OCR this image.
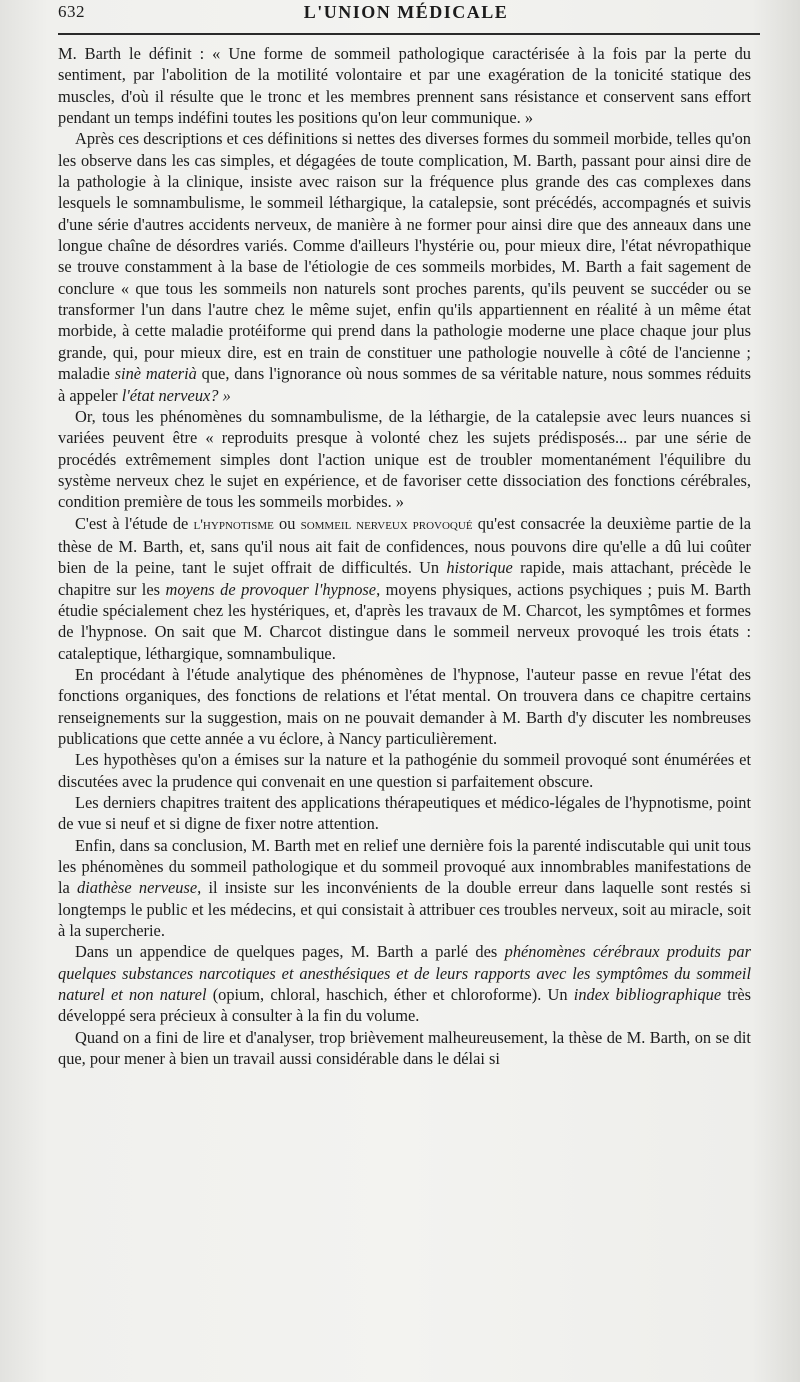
632	L'UNION MÉDICALE

M. Barth le définit : « Une forme de sommeil pathologique caractérisée à la fois par la perte du sentiment, par l'abolition de la motilité volontaire et par une exagération de la tonicité statique des muscles, d'où il résulte que le tronc et les membres prennent sans résistance et conservent sans effort pendant un temps indéfini toutes les positions qu'on leur communique. »

Après ces descriptions et ces définitions si nettes des diverses formes du sommeil morbide, telles qu'on les observe dans les cas simples, et dégagées de toute complication, M. Barth, passant pour ainsi dire de la pathologie à la clinique, insiste avec raison sur la fréquence plus grande des cas complexes dans lesquels le somnambulisme, le sommeil léthargique, la catalepsie, sont précédés, accompagnés et suivis d'une série d'autres accidents nerveux, de manière à ne former pour ainsi dire que des anneaux dans une longue chaîne de désordres variés. Comme d'ailleurs l'hystérie ou, pour mieux dire, l'état névropathique se trouve constamment à la base de l'étiologie de ces sommeils morbides, M. Barth a fait sagement de conclure « que tous les sommeils non naturels sont proches parents, qu'ils peuvent se succéder ou se transformer l'un dans l'autre chez le même sujet, enfin qu'ils appartiennent en réalité à un même état morbide, à cette maladie protéiforme qui prend dans la pathologie moderne une place chaque jour plus grande, qui, pour mieux dire, est en train de constituer une pathologie nouvelle à côté de l'ancienne ; maladie sinè materià que, dans l'ignorance où nous sommes de sa véritable nature, nous sommes réduits à appeler l'état nerveux? »

Or, tous les phénomènes du somnambulisme, de la léthargie, de la catalepsie avec leurs nuances si variées peuvent être « reproduits presque à volonté chez les sujets prédisposés... par une série de procédés extrêmement simples dont l'action unique est de troubler momentanément l'équilibre du système nerveux chez le sujet en expérience, et de favoriser cette dissociation des fonctions cérébrales, condition première de tous les sommeils morbides. »

C'est à l'étude de l'hypnotisme ou sommeil nerveux provoqué qu'est consacrée la deuxième partie de la thèse de M. Barth, et, sans qu'il nous ait fait de confidences, nous pouvons dire qu'elle a dû lui coûter bien de la peine, tant le sujet offrait de difficultés. Un historique rapide, mais attachant, précède le chapitre sur les moyens de provoquer l'hypnose, moyens physiques, actions psychiques ; puis M. Barth étudie spécialement chez les hystériques, et, d'après les travaux de M. Charcot, les symptômes et formes de l'hypnose. On sait que M. Charcot distingue dans le sommeil nerveux provoqué les trois états : cataleptique, léthargique, somnambulique.

En procédant à l'étude analytique des phénomènes de l'hypnose, l'auteur passe en revue l'état des fonctions organiques, des fonctions de relations et l'état mental. On trouvera dans ce chapitre certains renseignements sur la suggestion, mais on ne pouvait demander à M. Barth d'y discuter les nombreuses publications que cette année a vu éclore, à Nancy particulièrement.

Les hypothèses qu'on a émises sur la nature et la pathogénie du sommeil provoqué sont énumérées et discutées avec la prudence qui convenait en une question si parfaitement obscure.

Les derniers chapitres traitent des applications thérapeutiques et médico-légales de l'hypnotisme, point de vue si neuf et si digne de fixer notre attention.

Enfin, dans sa conclusion, M. Barth met en relief une dernière fois la parenté indiscutable qui unit tous les phénomènes du sommeil pathologique et du sommeil provoqué aux innombrables manifestations de la diathèse nerveuse, il insiste sur les inconvénients de la double erreur dans laquelle sont restés si longtemps le public et les médecins, et qui consistait à attribuer ces troubles nerveux, soit au miracle, soit à la supercherie.

Dans un appendice de quelques pages, M. Barth a parlé des phénomènes cérébraux produits par quelques substances narcotiques et anesthésiques et de leurs rapports avec les symptômes du sommeil naturel et non naturel (opium, chloral, haschich, éther et chloroforme). Un index bibliographique très développé sera précieux à consulter à la fin du volume.

Quand on a fini de lire et d'analyser, trop brièvement malheureusement, la thèse de M. Barth, on se dit que, pour mener à bien un travail aussi considérable dans le délai si
